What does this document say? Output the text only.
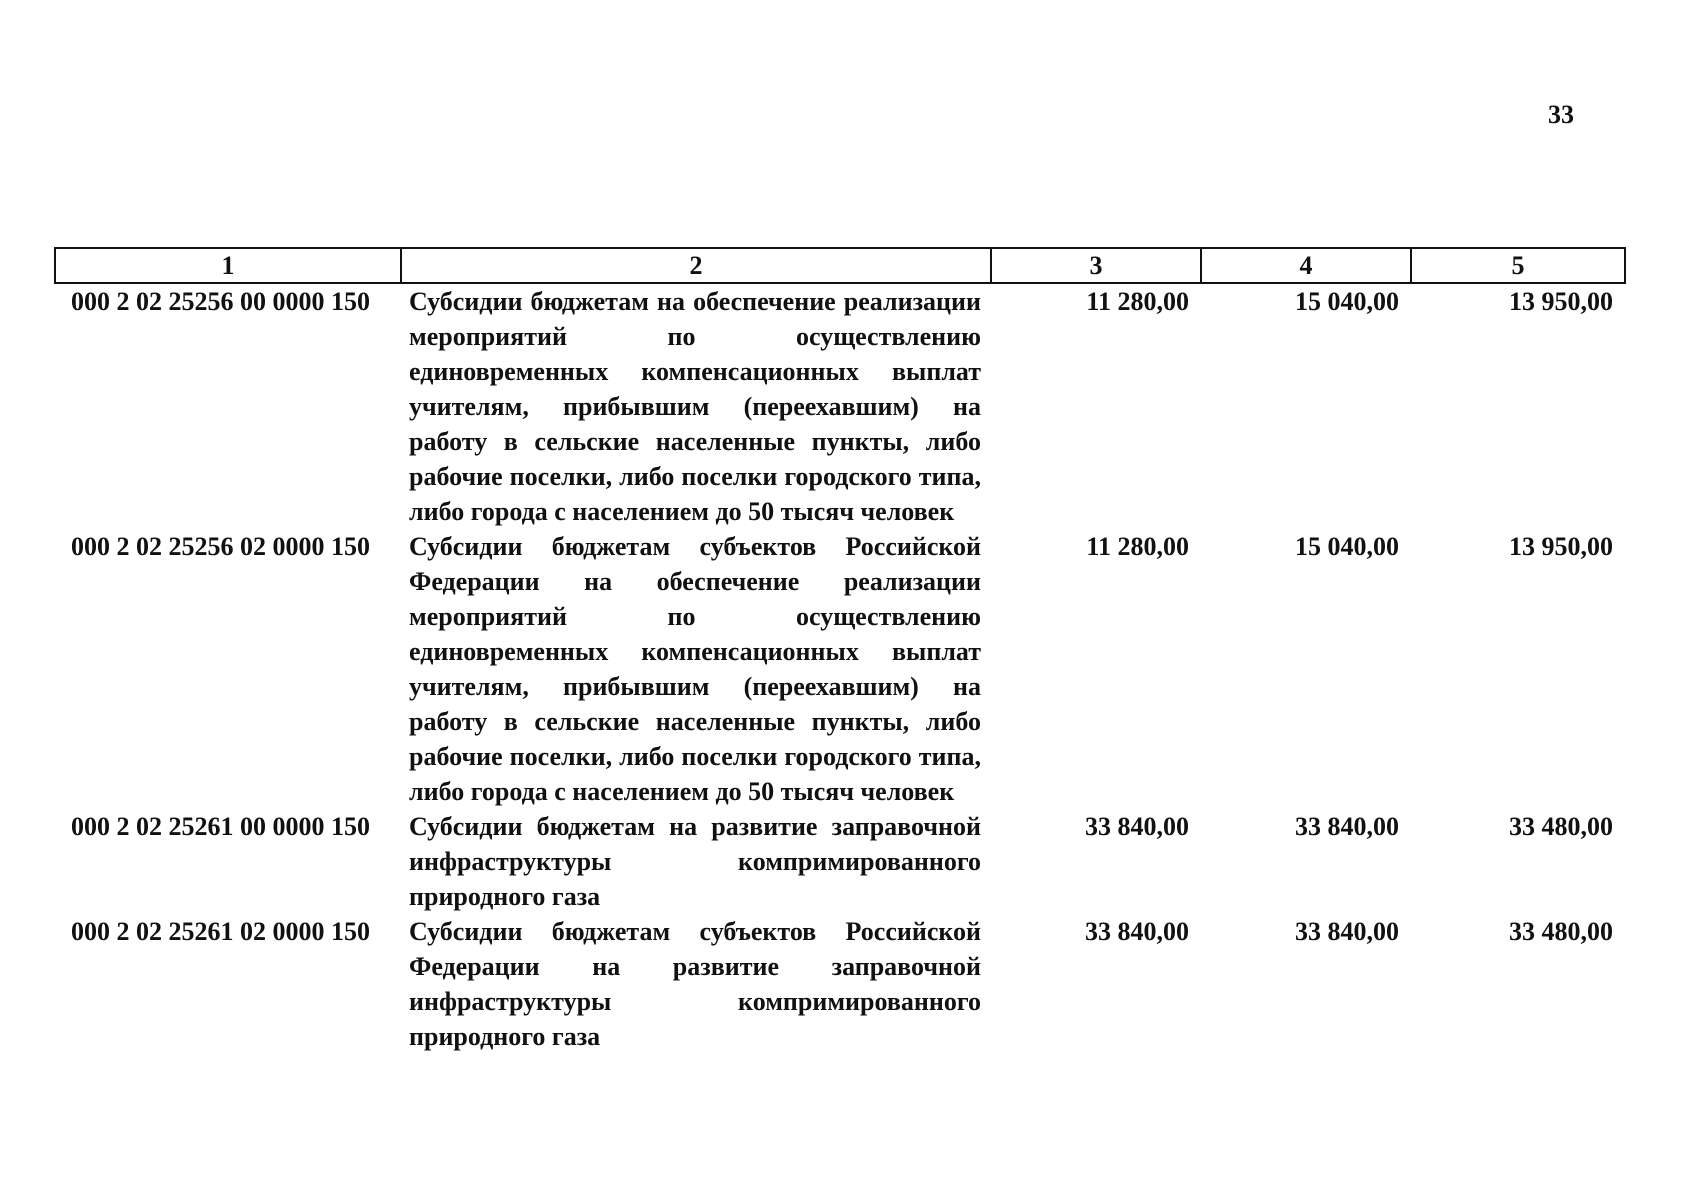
33
1	2	3	4	5
000 2 02 25256 00 0000 150	Субсидии бюджетам на обеспечение реализации мероприятий по осуществлению единовременных компенсационных выплат учителям, прибывшим (переехавшим) на работу в сельские населенные пункты, либо рабочие поселки, либо поселки городского типа, либо города с населением до 50 тысяч человек	11 280,00	15 040,00	13 950,00
000 2 02 25256 02 0000 150	Субсидии бюджетам субъектов Российской Федерации на обеспечение реализации мероприятий по осуществлению единовременных компенсационных выплат учителям, прибывшим (переехавшим) на работу в сельские населенные пункты, либо рабочие поселки, либо поселки городского типа, либо города с населением до 50 тысяч человек	11 280,00	15 040,00	13 950,00
000 2 02 25261 00 0000 150	Субсидии бюджетам на развитие заправочной инфраструктуры компримированного природного газа	33 840,00	33 840,00	33 480,00
000 2 02 25261 02 0000 150	Субсидии бюджетам субъектов Российской Федерации на развитие заправочной инфраструктуры компримированного природного газа	33 840,00	33 840,00	33 480,00
